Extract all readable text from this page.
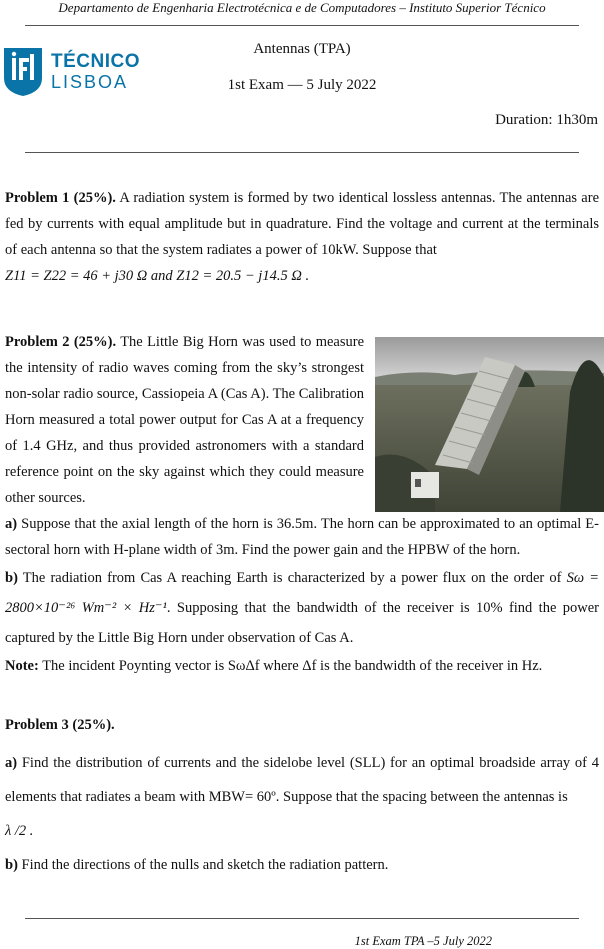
Departamento de Engenharia Electrotécnica e de Computadores – Instituto Superior Técnico
TÉCNICO
LISBOA
Antennas (TPA)
1st Exam — 5 July 2022
Duration: 1h30m
Problem 1 (25%). A radiation system is formed by two identical lossless antennas. The antennas are fed by currents with equal amplitude but in quadrature. Find the voltage and current at the terminals of each antenna so that the system radiates a power of 10kW. Suppose that
Z11 = Z22 = 46 + j30 Ω and Z12 = 20.5 − j14.5 Ω .
Problem 2 (25%). The Little Big Horn was used to measure the intensity of radio waves coming from the sky’s strongest non-solar radio source, Cassiopeia A (Cas A). The Calibration Horn measured a total power output for Cas A at a frequency of 1.4 GHz, and thus provided astronomers with a standard reference point on the sky against which they could measure other sources.
a) Suppose that the axial length of the horn is 36.5m. The horn can be approximated to an optimal E-sectoral horn with H-plane width of 3m. Find the power gain and the HPBW of the horn.
b) The radiation from Cas A reaching Earth is characterized by a power flux on the order of Sω = 2800×10⁻²⁶ Wm⁻² × Hz⁻¹. Supposing that the bandwidth of the receiver is 10% find the power captured by the Little Big Horn under observation of Cas A.
Note: The incident Poynting vector is SωΔf where Δf is the bandwidth of the receiver in Hz.
Problem 3 (25%).
a) Find the distribution of currents and the sidelobe level (SLL) for an optimal broadside array of 4 elements that radiates a beam with MBW= 60º. Suppose that the spacing between the antennas is
λ /2 .
b) Find the directions of the nulls and sketch the radiation pattern.
1st Exam TPA –5 July 2022
